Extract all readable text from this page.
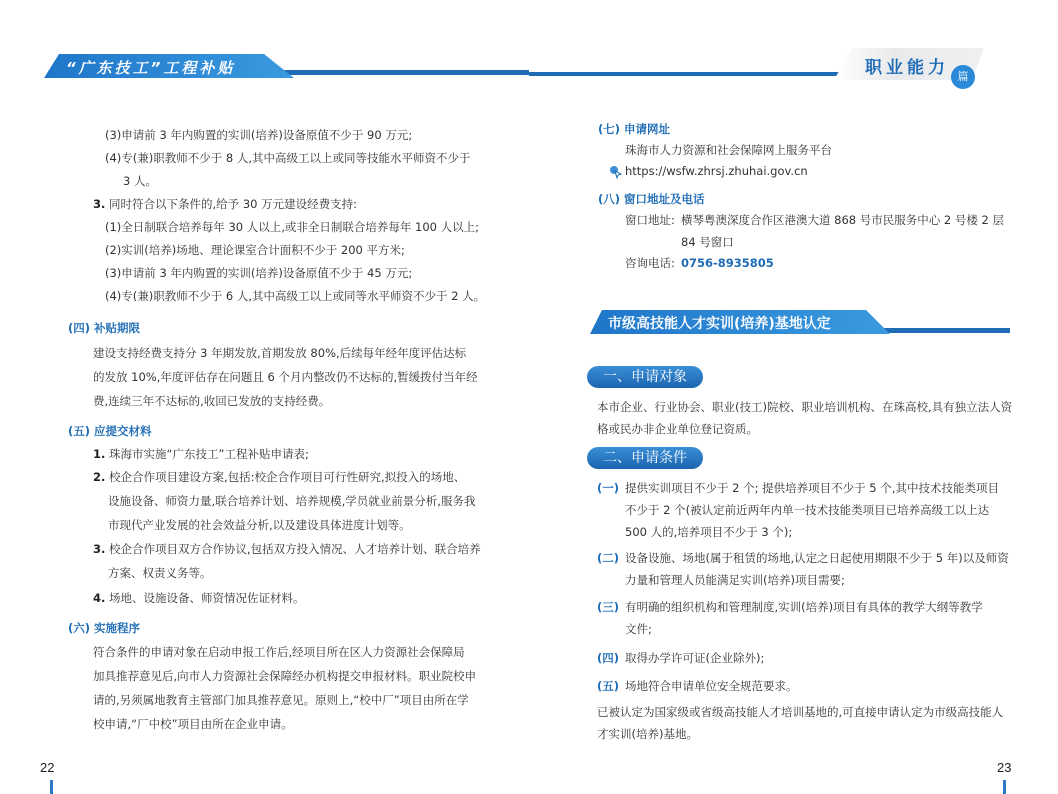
“广东技工”工程补贴	职业能力 篇
(3)申请前 3 年内购置的实训(培养)设备原值不少于 90 万元;
(4)专(兼)职教师不少于 8 人,其中高级工以上或同等技能水平师资不少于
3 人。
3. 同时符合以下条件的,给予 30 万元建设经费支持:
(1)全日制联合培养每年 30 人以上,或非全日制联合培养每年 100 人以上;
(2)实训(培养)场地、理论课室合计面积不少于 200 平方米;
(3)申请前 3 年内购置的实训(培养)设备原值不少于 45 万元;
(4)专(兼)职教师不少于 6 人,其中高级工以上或同等水平师资不少于 2 人。
(四) 补贴期限
建设支持经费支持分 3 年期发放,首期发放 80%,后续每年经年度评估达标
的发放 10%,年度评估存在问题且 6 个月内整改仍不达标的,暂缓拨付当年经
费,连续三年不达标的,收回已发放的支持经费。
(五) 应提交材料
1. 珠海市实施“广东技工”工程补贴申请表;
2. 校企合作项目建设方案,包括:校企合作项目可行性研究,拟投入的场地、
设施设备、师资力量,联合培养计划、培养规模,学员就业前景分析,服务我
市现代产业发展的社会效益分析,以及建设具体进度计划等。
3. 校企合作项目双方合作协议,包括双方投入情况、人才培养计划、联合培养
方案、权责义务等。
4. 场地、设施设备、师资情况佐证材料。
(六) 实施程序
符合条件的申请对象在启动申报工作后,经项目所在区人力资源社会保障局
加具推荐意见后,向市人力资源社会保障经办机构提交申报材料。职业院校申
请的,另须属地教育主管部门加具推荐意见。原则上,“校中厂”项目由所在学
校申请,“厂中校”项目由所在企业申请。
22
(七) 申请网址
珠海市人力资源和社会保障网上服务平台
https://wsfw.zhrsj.zhuhai.gov.cn
(八) 窗口地址及电话
窗口地址: 横琴粤澳深度合作区港澳大道 868 号市民服务中心 2 号楼 2 层
84 号窗口
咨询电话: 0756-8935805
市级高技能人才实训(培养)基地认定
一、申请对象
本市企业、行业协会、职业(技工)院校、职业培训机构、在珠高校,具有独立法人资
格或民办非企业单位登记资质。
二、申请条件
(一) 提供实训项目不少于 2 个; 提供培养项目不少于 5 个,其中技术技能类项目
不少于 2 个(被认定前近两年内单一技术技能类项目已培养高级工以上达
500 人的,培养项目不少于 3 个);
(二) 设备设施、场地(属于租赁的场地,认定之日起使用期限不少于 5 年)以及师资
力量和管理人员能满足实训(培养)项目需要;
(三) 有明确的组织机构和管理制度,实训(培养)项目有具体的教学大纲等教学
文件;
(四) 取得办学许可证(企业除外);
(五) 场地符合申请单位安全规范要求。
已被认定为国家级或省级高技能人才培训基地的,可直接申请认定为市级高技能人
才实训(培养)基地。
23
